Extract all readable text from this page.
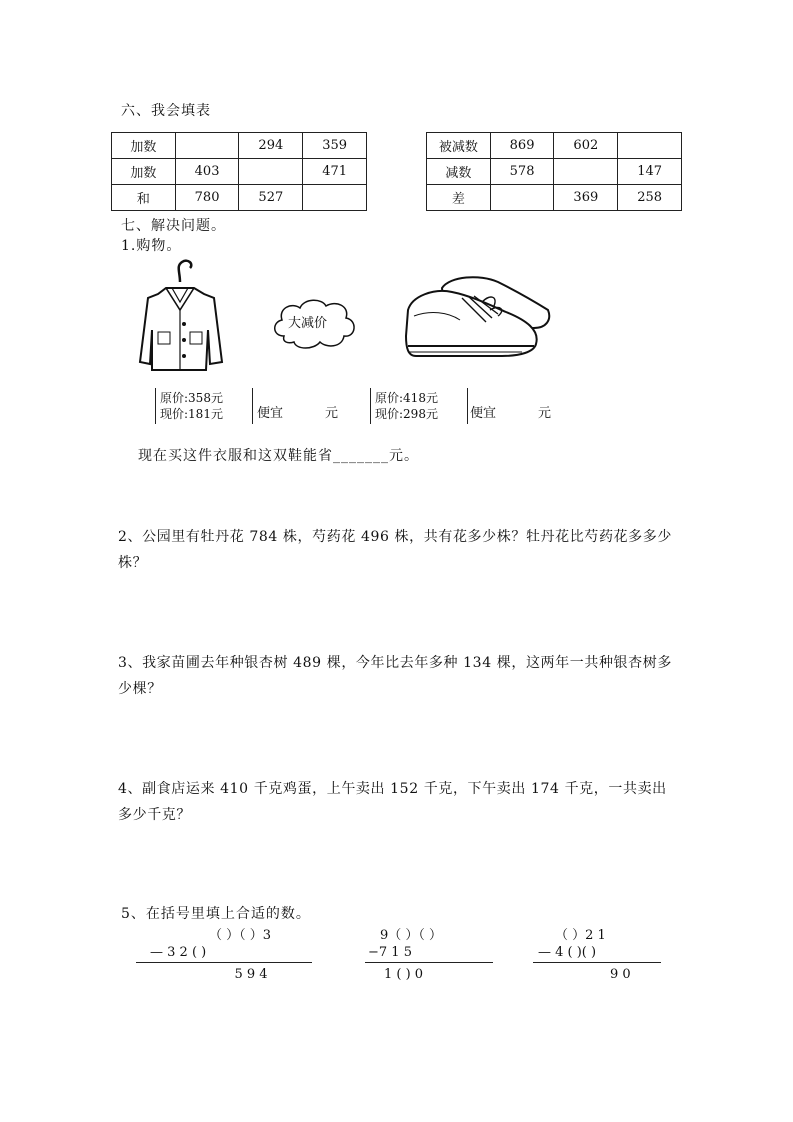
六、我会填表
加数		294	359
加数	403		471
和	780	527	
被减数	869	602	
减数	578		147
差		369	258
七、解决问题。
1.购物。
大减价
原价:358元
现价:181元	便宜	元
原价:418元
现价:298元	便宜	元
现在买这件衣服和这双鞋能省_______元。
2、公园里有牡丹花 784 株，芍药花 496 株，共有花多少株？牡丹花比芍药花多多少株？
3、我家苗圃去年种银杏树 489 棵，今年比去年多种 134 棵，这两年一共种银杏树多少棵？
4、副食店运来 410 千克鸡蛋，上午卖出 152 千克，下午卖出 174 千克，一共卖出多少千克？
5、在括号里填上合适的数。
（ ）（ ）3
— 3 2 ( )
5 9 4
9（ ）（ ）
−7 1 5
1 ( ) 0
（ ）2 1
— 4 ( )( )
9 0
